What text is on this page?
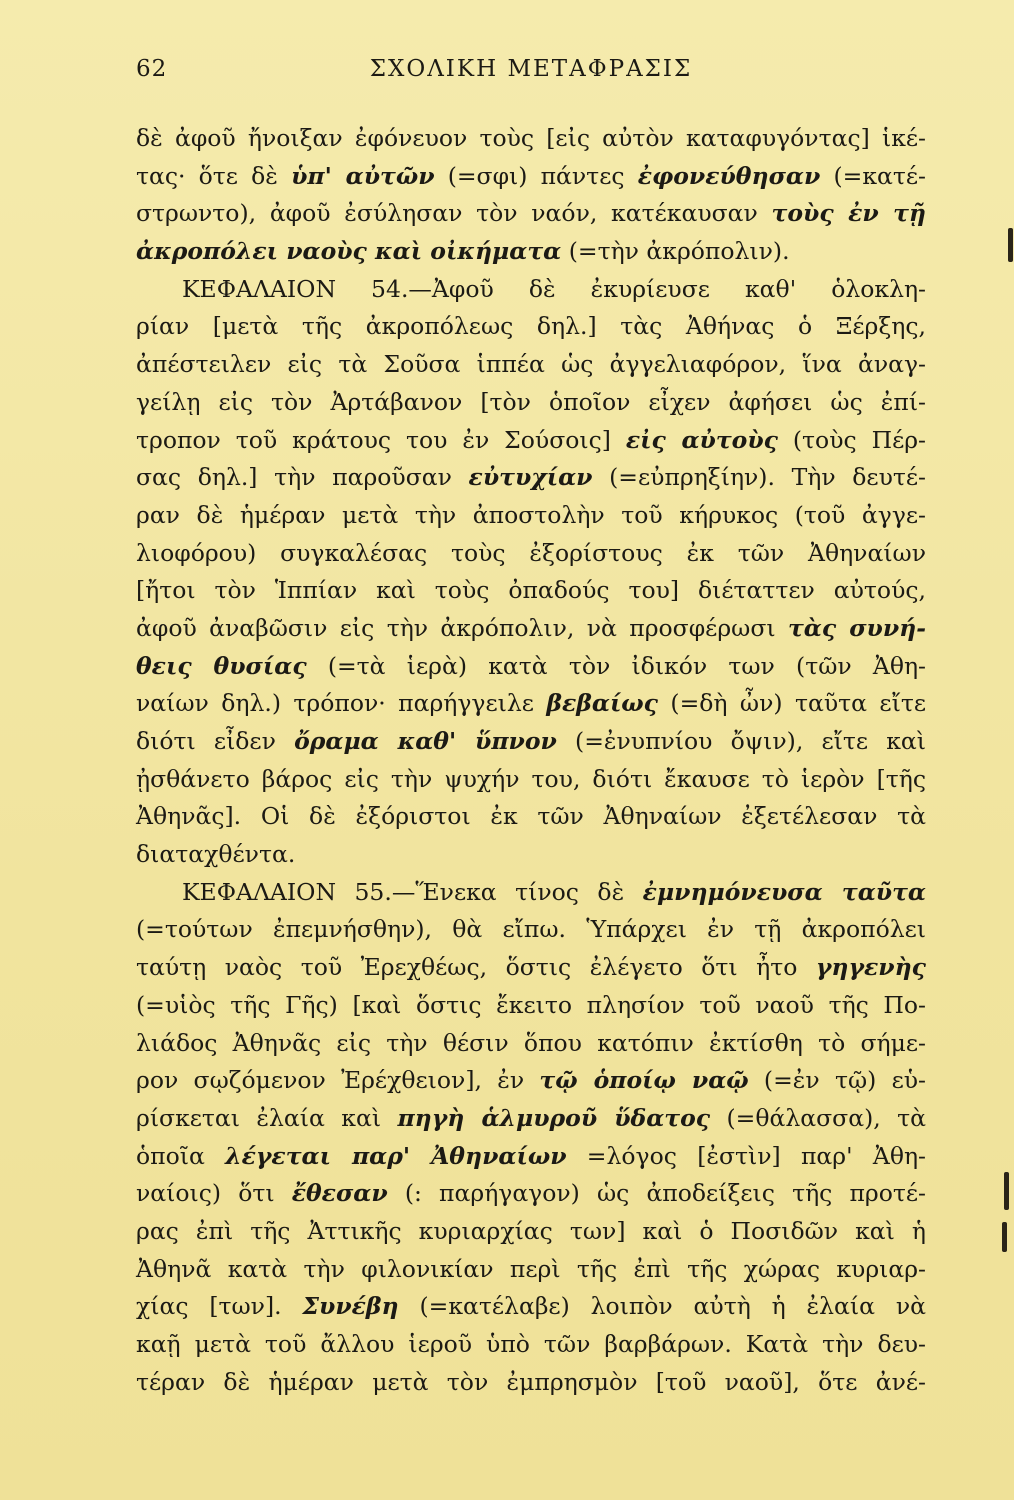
62	ΣΧΟΛΙΚΗ ΜΕΤΑΦΡΑΣΙΣ
δὲ ἀφοῦ ἤνοιξαν ἐφόνευον τοὺς [εἰς αὐτὸν καταφυγόντας] ἱκέ-
τας· ὅτε δὲ ὑπ' αὐτῶν (=σφι) πάντες ἐφονεύθησαν (=κατέ-
στρωντο), ἀφοῦ ἐσύλησαν τὸν ναόν, κατέκαυσαν τοὺς ἐν τῇ
ἀκροπόλει ναοὺς καὶ οἰκήματα (=τὴν ἀκρόπολιν).
ΚΕΦΑΛΑΙΟΝ 54.—Ἀφοῦ δὲ ἐκυρίευσε καθ' ὁλοκλη-
ρίαν [μετὰ τῆς ἀκροπόλεως δηλ.] τὰς Ἀθήνας ὁ Ξέρξης,
ἀπέστειλεν εἰς τὰ Σοῦσα ἱππέα ὡς ἀγγελιαφόρον, ἵνα ἀναγ-
γείλῃ εἰς τὸν Ἀρτάβανον [τὸν ὁποῖον εἶχεν ἀφήσει ὡς ἐπί-
τροπον τοῦ κράτους του ἐν Σούσοις] εἰς αὐτοὺς (τοὺς Πέρ-
σας δηλ.] τὴν παροῦσαν εὐτυχίαν (=εὐπρηξίην). Τὴν δευτέ-
ραν δὲ ἡμέραν μετὰ τὴν ἀποστολὴν τοῦ κήρυκος (τοῦ ἀγγε-
λιοφόρου) συγκαλέσας τοὺς ἐξορίστους ἐκ τῶν Ἀθηναίων
[ἤτοι τὸν Ἱππίαν καὶ τοὺς ὀπαδούς του] διέταττεν αὐτούς,
ἀφοῦ ἀναβῶσιν εἰς τὴν ἀκρόπολιν, νὰ προσφέρωσι τὰς συνή-
θεις θυσίας (=τὰ ἱερὰ) κατὰ τὸν ἰδικόν των (τῶν Ἀθη-
ναίων δηλ.) τρόπον· παρήγγειλε βεβαίως (=δὴ ὦν) ταῦτα εἴτε
διότι εἶδεν ὄραμα καθ' ὕπνον (=ἐνυπνίου ὄψιν), εἴτε καὶ
ᾐσθάνετο βάρος εἰς τὴν ψυχήν του, διότι ἔκαυσε τὸ ἱερὸν [τῆς
Ἀθηνᾶς]. Οἱ δὲ ἐξόριστοι ἐκ τῶν Ἀθηναίων ἐξετέλεσαν τὰ
διαταχθέντα.
ΚΕΦΑΛΑΙΟΝ 55.—Ἕνεκα τίνος δὲ ἐμνημόνευσα ταῦτα
(=τούτων ἐπεμνήσθην), θὰ εἴπω. Ὑπάρχει ἐν τῇ ἀκροπόλει
ταύτῃ ναὸς τοῦ Ἐρεχθέως, ὅστις ἐλέγετο ὅτι ἦτο γηγενὴς
(=υἱὸς τῆς Γῆς) [καὶ ὅστις ἔκειτο πλησίον τοῦ ναοῦ τῆς Πο-
λιάδος Ἀθηνᾶς εἰς τὴν θέσιν ὅπου κατόπιν ἐκτίσθη τὸ σήμε-
ρον σῳζόμενον Ἐρέχθειον], ἐν τῷ ὁποίῳ ναῷ (=ἐν τῷ) εὑ-
ρίσκεται ἐλαία καὶ πηγὴ ἁλμυροῦ ὕδατος (=θάλασσα), τὰ
ὁποῖα λέγεται παρ' Ἀθηναίων =λόγος [ἐστὶν] παρ' Ἀθη-
ναίοις) ὅτι ἔθεσαν (: παρήγαγον) ὡς ἀποδείξεις τῆς προτέ-
ρας ἐπὶ τῆς Ἀττικῆς κυριαρχίας των] καὶ ὁ Ποσιδῶν καὶ ἡ
Ἀθηνᾶ κατὰ τὴν φιλονικίαν περὶ τῆς ἐπὶ τῆς χώρας κυριαρ-
χίας [των]. Συνέβη (=κατέλαβε) λοιπὸν αὐτὴ ἡ ἐλαία νὰ
καῇ μετὰ τοῦ ἄλλου ἱεροῦ ὑπὸ τῶν βαρβάρων. Κατὰ τὴν δευ-
τέραν δὲ ἡμέραν μετὰ τὸν ἐμπρησμὸν [τοῦ ναοῦ], ὅτε ἀνέ-
